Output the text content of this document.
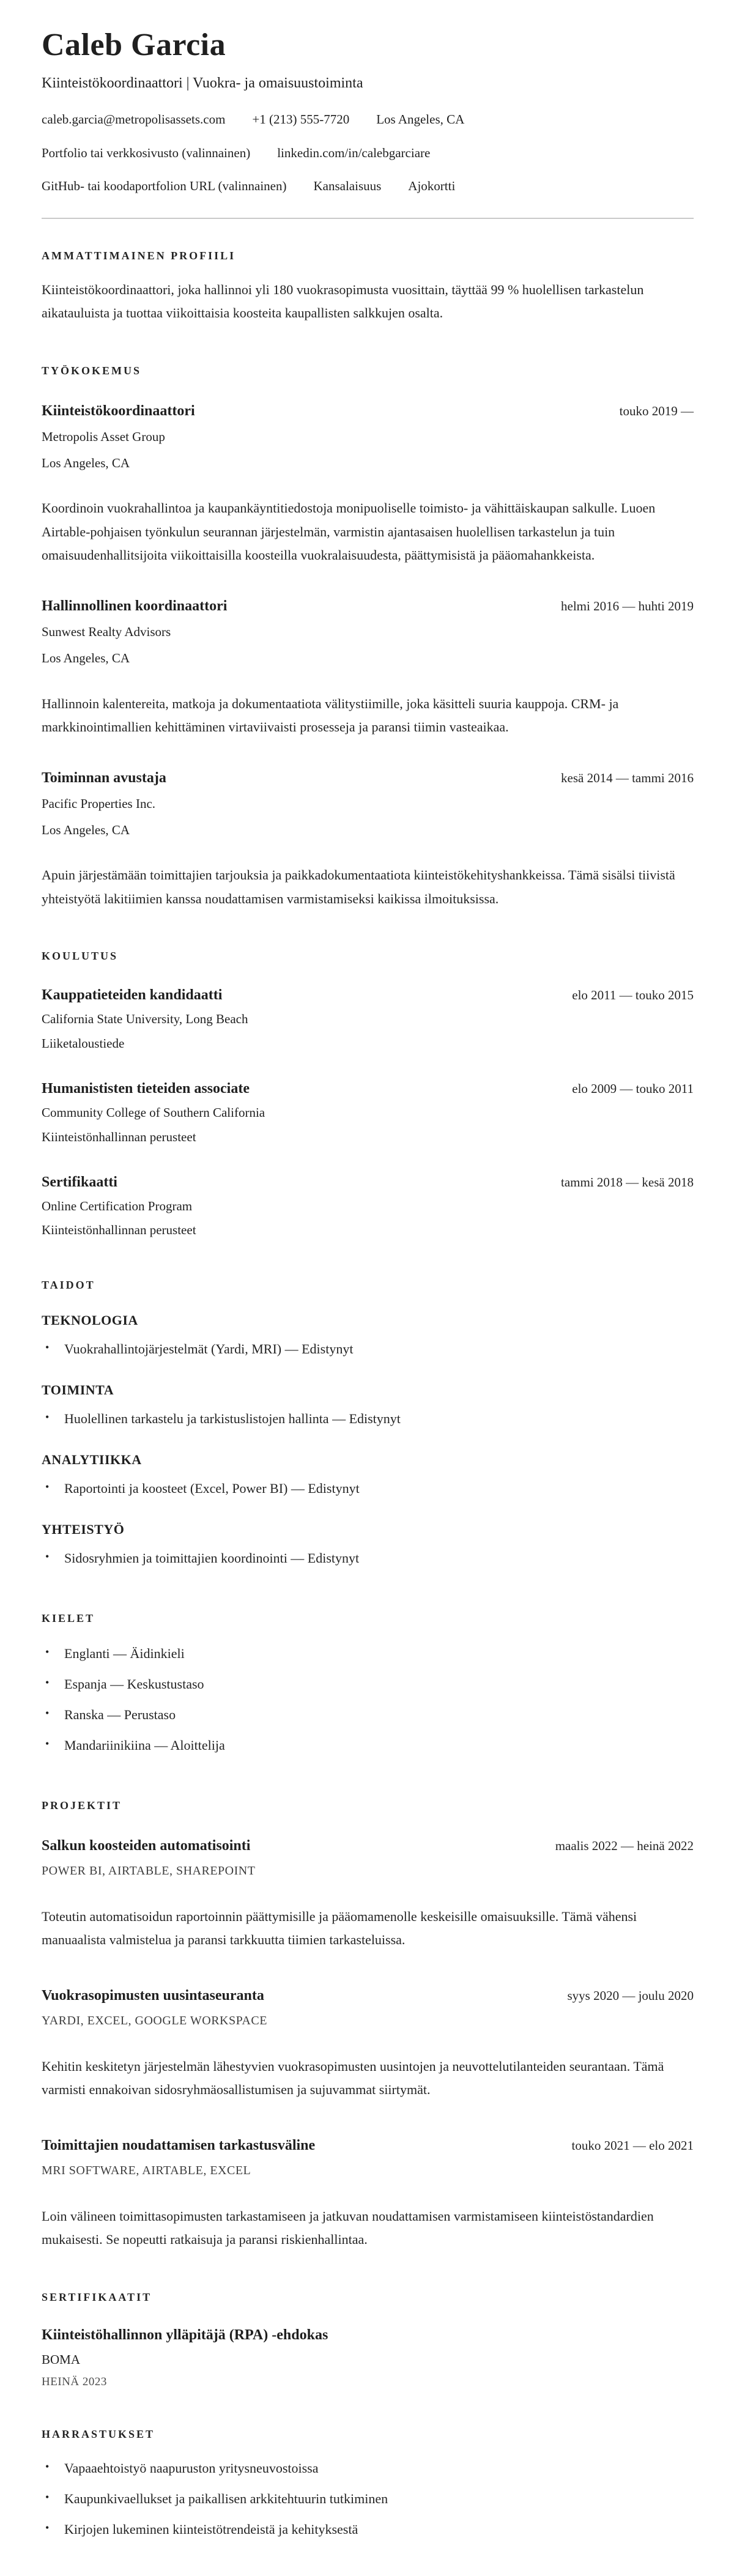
Caleb Garcia
Kiinteistökoordinaattori | Vuokra- ja omaisuustoiminta
caleb.garcia@metropolisassets.com +1 (213) 555-7720 Los Angeles, CA
Portfolio tai verkkosivusto (valinnainen) linkedin.com/in/calebgarciare
GitHub- tai koodaportfolion URL (valinnainen) Kansalaisuus Ajokortti
AMMATTIMAINEN PROFIILI

Kiinteistökoordinaattori, joka hallinnoi yli 180 vuokrasopimusta vuosittain, täyttää 99 % huolellisen tarkastelun aikatauluista ja tuottaa viikoittaisia koosteita kaupallisten salkkujen osalta.

TYÖKOKEMUS
Kiinteistökoordinaattori	touko 2019 —
Metropolis Asset Group
Los Angeles, CA

Koordinoin vuokrahallintoa ja kaupankäyntitiedostoja monipuoliselle toimisto- ja vähittäiskaupan salkulle. Luoen Airtable-pohjaisen työnkulun seurannan järjestelmän, varmistin ajantasaisen huolellisen tarkastelun ja tuin omaisuudenhallitsijoita viikoittaisilla koosteilla vuokralaisuudesta, päättymisistä ja pääomahankkeista.

Hallinnollinen koordinaattori	helmi 2016 — huhti 2019
Sunwest Realty Advisors
Los Angeles, CA

Hallinnoin kalentereita, matkoja ja dokumentaatiota välitystiimille, joka käsitteli suuria kauppoja. CRM- ja markkinointimallien kehittäminen virtaviivaisti prosesseja ja paransi tiimin vasteaikaa.

Toiminnan avustaja	kesä 2014 — tammi 2016
Pacific Properties Inc.
Los Angeles, CA

Apuin järjestämään toimittajien tarjouksia ja paikkadokumentaatiota kiinteistökehityshankkeissa. Tämä sisälsi tiivistä yhteistyötä lakitiimien kanssa noudattamisen varmistamiseksi kaikissa ilmoituksissa.

KOULUTUS
Kauppatieteiden kandidaatti	elo 2011 — touko 2015
California State University, Long Beach
Liiketaloustiede
Humanististen tieteiden associate	elo 2009 — touko 2011
Community College of Southern California
Kiinteistönhallinnan perusteet
Sertifikaatti	tammi 2018 — kesä 2018
Online Certification Program
Kiinteistönhallinnan perusteet
TAIDOT
TEKNOLOGIA
• Vuokrahallintojärjestelmät (Yardi, MRI) — Edistynyt
TOIMINTA
• Huolellinen tarkastelu ja tarkistuslistojen hallinta — Edistynyt
ANALYTIIKKA
• Raportointi ja koosteet (Excel, Power BI) — Edistynyt
YHTEISTYÖ
• Sidosryhmien ja toimittajien koordinointi — Edistynyt
KIELET
• Englanti — Äidinkieli
• Espanja — Keskustustaso
• Ranska — Perustaso
• Mandariinikiina — Aloittelija
PROJEKTIT
Salkun koosteiden automatisointi	maalis 2022 — heinä 2022
POWER BI, AIRTABLE, SHAREPOINT

Toteutin automatisoidun raportoinnin päättymisille ja pääomamenolle keskeisille omaisuuksille. Tämä vähensi manuaalista valmistelua ja paransi tarkkuutta tiimien tarkasteluissa.

Vuokrasopimusten uusintaseuranta	syys 2020 — joulu 2020
YARDI, EXCEL, GOOGLE WORKSPACE

Kehitin keskitetyn järjestelmän lähestyvien vuokrasopimusten uusintojen ja neuvottelutilanteiden seurantaan. Tämä varmisti ennakoivan sidosryhmäosallistumisen ja sujuvammat siirtymät.

Toimittajien noudattamisen tarkastusväline	touko 2021 — elo 2021
MRI SOFTWARE, AIRTABLE, EXCEL

Loin välineen toimittasopimusten tarkastamiseen ja jatkuvan noudattamisen varmistamiseen kiinteistöstandardien mukaisesti. Se nopeutti ratkaisuja ja paransi riskienhallintaa.

SERTIFIKAATIT
Kiinteistöhallinnon ylläpitäjä (RPA) -ehdokas
BOMA
HEINÄ 2023
HARRASTUKSET
• Vapaaehtoistyö naapuruston yritysneuvostoissa
• Kaupunkivaellukset ja paikallisen arkkitehtuurin tutkiminen
• Kirjojen lukeminen kiinteistötrendeistä ja kehityksestä
